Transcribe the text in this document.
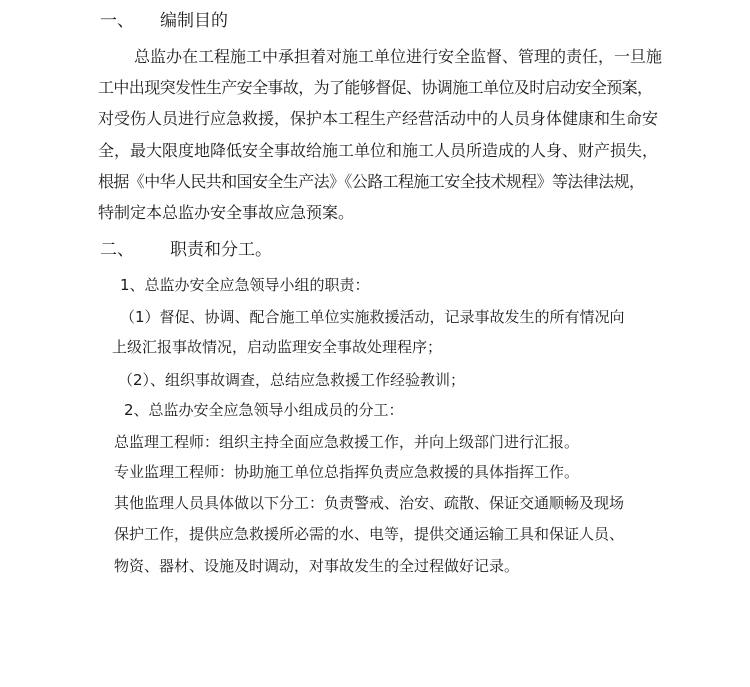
一、 编制目的

总监办在工程施工中承担着对施工单位进行安全监督、管理的责任，一旦施

工中出现突发性生产安全事故，为了能够督促、协调施工单位及时启动安全预案，

对受伤人员进行应急救援，保护本工程生产经营活动中的人员身体健康和生命安

全，最大限度地降低安全事故给施工单位和施工人员所造成的人身、财产损失，

根据《中华人民共和国安全生产法》《公路工程施工安全技术规程》等法律法规，

特制定本总监办安全事故应急预案。

二、 职责和分工。

1、总监办安全应急领导小组的职责：

（1）督促、协调、配合施工单位实施救援活动，记录事故发生的所有情况向

上级汇报事故情况，启动监理安全事故处理程序；

（2）、组织事故调查，总结应急救援工作经验教训；

2、总监办安全应急领导小组成员的分工：

总监理工程师：组织主持全面应急救援工作，并向上级部门进行汇报。

专业监理工程师：协助施工单位总指挥负责应急救援的具体指挥工作。

其他监理人员具体做以下分工：负责警戒、治安、疏散、保证交通顺畅及现场

保护工作，提供应急救援所必需的水、电等，提供交通运输工具和保证人员、

物资、器材、设施及时调动，对事故发生的全过程做好记录。
